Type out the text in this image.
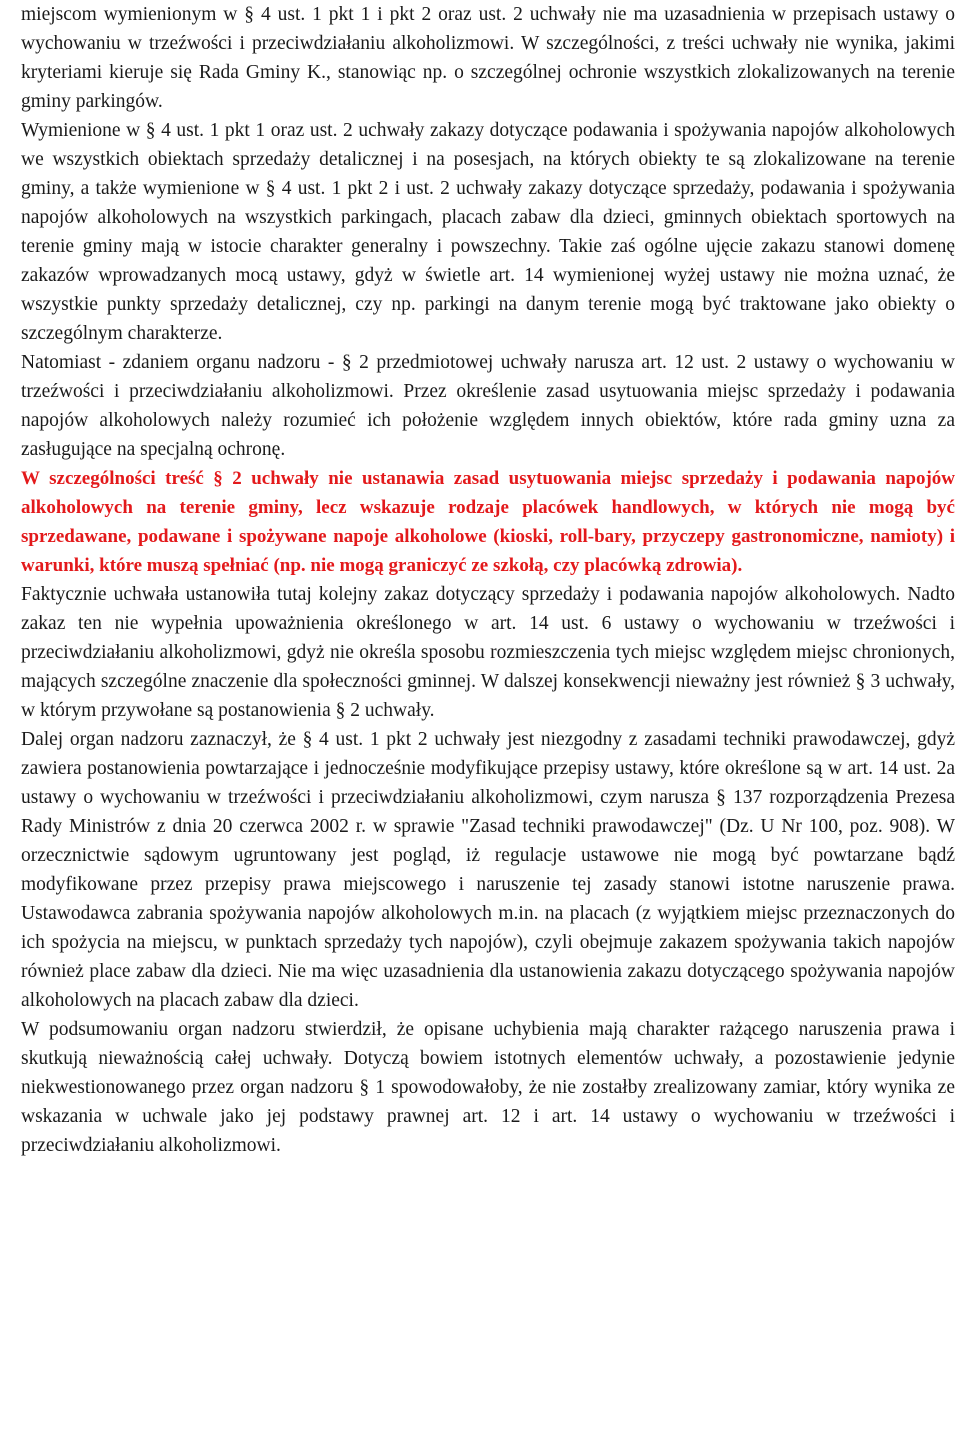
miejscom wymienionym w § 4 ust. 1 pkt 1 i pkt 2 oraz ust. 2 uchwały nie ma uzasadnienia w przepisach ustawy o wychowaniu w trzeźwości i przeciwdziałaniu alkoholizmowi. W szczególności, z treści uchwały nie wynika, jakimi kryteriami kieruje się Rada Gminy K., stanowiąc np. o szczególnej ochronie wszystkich zlokalizowanych na terenie gminy parkingów.

Wymienione w § 4 ust. 1 pkt 1 oraz ust. 2 uchwały zakazy dotyczące podawania i spożywania napojów alkoholowych we wszystkich obiektach sprzedaży detalicznej i na posesjach, na których obiekty te są zlokalizowane na terenie gminy, a także wymienione w § 4 ust. 1 pkt 2 i ust. 2 uchwały zakazy dotyczące sprzedaży, podawania i spożywania napojów alkoholowych na wszystkich parkingach, placach zabaw dla dzieci, gminnych obiektach sportowych na terenie gminy mają w istocie charakter generalny i powszechny. Takie zaś ogólne ujęcie zakazu stanowi domenę zakazów wprowadzanych mocą ustawy, gdyż w świetle art. 14 wymienionej wyżej ustawy nie można uznać, że wszystkie punkty sprzedaży detalicznej, czy np. parkingi na danym terenie mogą być traktowane jako obiekty o szczególnym charakterze.

Natomiast - zdaniem organu nadzoru - § 2 przedmiotowej uchwały narusza art. 12 ust. 2 ustawy o wychowaniu w trzeźwości i przeciwdziałaniu alkoholizmowi. Przez określenie zasad usytuowania miejsc sprzedaży i podawania napojów alkoholowych należy rozumieć ich położenie względem innych obiektów, które rada gminy uzna za zasługujące na specjalną ochronę.

W szczególności treść § 2 uchwały nie ustanawia zasad usytuowania miejsc sprzedaży i podawania napojów alkoholowych na terenie gminy, lecz wskazuje rodzaje placówek handlowych, w których nie mogą być sprzedawane, podawane i spożywane napoje alkoholowe (kioski, roll-bary, przyczepy gastronomiczne, namioty) i warunki, które muszą spełniać (np. nie mogą graniczyć ze szkołą, czy placówką zdrowia).

Faktycznie uchwała ustanowiła tutaj kolejny zakaz dotyczący sprzedaży i podawania napojów alkoholowych. Nadto zakaz ten nie wypełnia upoważnienia określonego w art. 14 ust. 6 ustawy o wychowaniu w trzeźwości i przeciwdziałaniu alkoholizmowi, gdyż nie określa sposobu rozmieszczenia tych miejsc względem miejsc chronionych, mających szczególne znaczenie dla społeczności gminnej. W dalszej konsekwencji nieważny jest również § 3 uchwały, w którym przywołane są postanowienia § 2 uchwały.

Dalej organ nadzoru zaznaczył, że § 4 ust. 1 pkt 2 uchwały jest niezgodny z zasadami techniki prawodawczej, gdyż zawiera postanowienia powtarzające i jednocześnie modyfikujące przepisy ustawy, które określone są w art. 14 ust. 2a ustawy o wychowaniu w trzeźwości i przeciwdziałaniu alkoholizmowi, czym narusza § 137 rozporządzenia Prezesa Rady Ministrów z dnia 20 czerwca 2002 r. w sprawie "Zasad techniki prawodawczej" (Dz. U Nr 100, poz. 908). W orzecznictwie sądowym ugruntowany jest pogląd, iż regulacje ustawowe nie mogą być powtarzane bądź modyfikowane przez przepisy prawa miejscowego i naruszenie tej zasady stanowi istotne naruszenie prawa. Ustawodawca zabrania spożywania napojów alkoholowych m.in. na placach (z wyjątkiem miejsc przeznaczonych do ich spożycia na miejscu, w punktach sprzedaży tych napojów), czyli obejmuje zakazem spożywania takich napojów również place zabaw dla dzieci. Nie ma więc uzasadnienia dla ustanowienia zakazu dotyczącego spożywania napojów alkoholowych na placach zabaw dla dzieci.

W podsumowaniu organ nadzoru stwierdził, że opisane uchybienia mają charakter rażącego naruszenia prawa i skutkują nieważnością całej uchwały. Dotyczą bowiem istotnych elementów uchwały, a pozostawienie jedynie niekwestionowanego przez organ nadzoru § 1 spowodowałoby, że nie zostałby zrealizowany zamiar, który wynika ze wskazania w uchwale jako jej podstawy prawnej art. 12 i art. 14 ustawy o wychowaniu w trzeźwości i przeciwdziałaniu alkoholizmowi.
